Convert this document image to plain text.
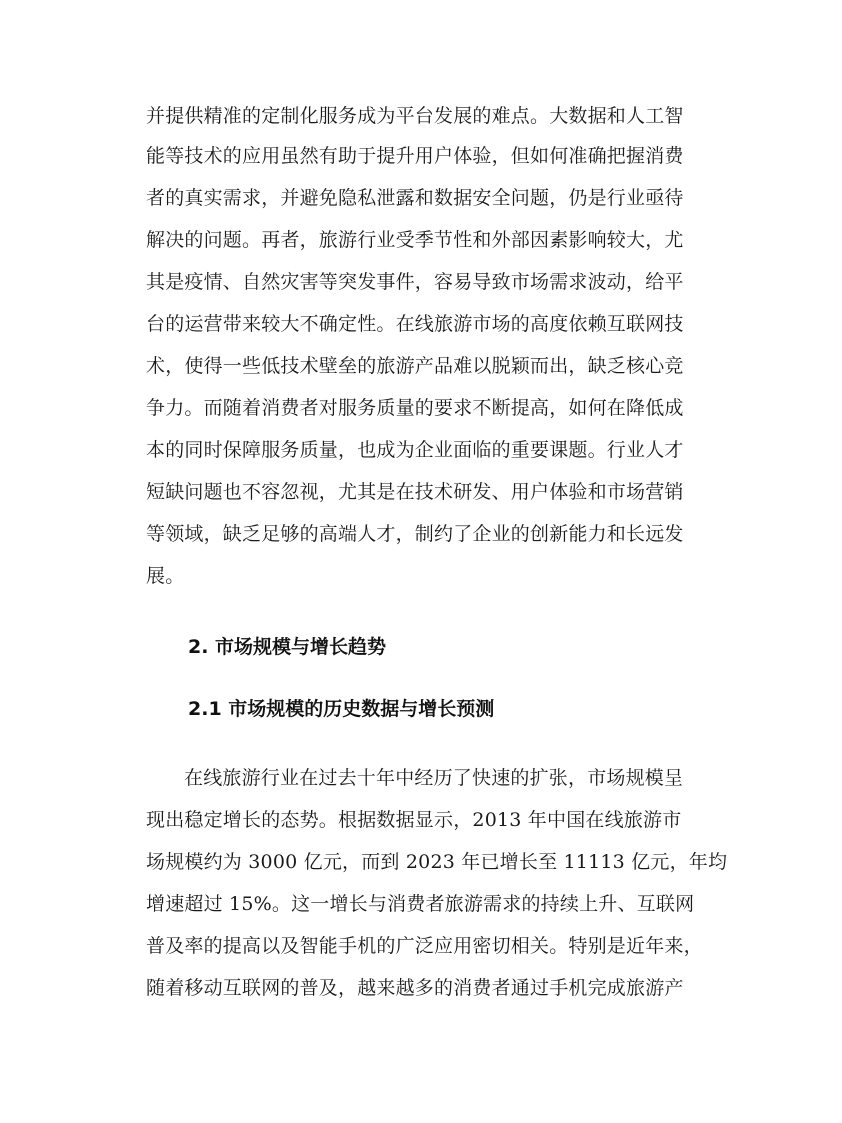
并提供精准的定制化服务成为平台发展的难点。大数据和人工智
能等技术的应用虽然有助于提升用户体验，但如何准确把握消费
者的真实需求，并避免隐私泄露和数据安全问题，仍是行业亟待
解决的问题。再者，旅游行业受季节性和外部因素影响较大，尤
其是疫情、自然灾害等突发事件，容易导致市场需求波动，给平
台的运营带来较大不确定性。在线旅游市场的高度依赖互联网技
术，使得一些低技术壁垒的旅游产品难以脱颖而出，缺乏核心竞
争力。而随着消费者对服务质量的要求不断提高，如何在降低成
本的同时保障服务质量，也成为企业面临的重要课题。行业人才
短缺问题也不容忽视，尤其是在技术研发、用户体验和市场营销
等领域，缺乏足够的高端人才，制约了企业的创新能力和长远发
展。
2. 市场规模与增长趋势
2.1 市场规模的历史数据与增长预测
在线旅游行业在过去十年中经历了快速的扩张，市场规模呈
现出稳定增长的态势。根据数据显示，2013 年中国在线旅游市
场规模约为 3000 亿元，而到 2023 年已增长至 11113 亿元，年均
增速超过 15%。这一增长与消费者旅游需求的持续上升、互联网
普及率的提高以及智能手机的广泛应用密切相关。特别是近年来，
随着移动互联网的普及，越来越多的消费者通过手机完成旅游产
